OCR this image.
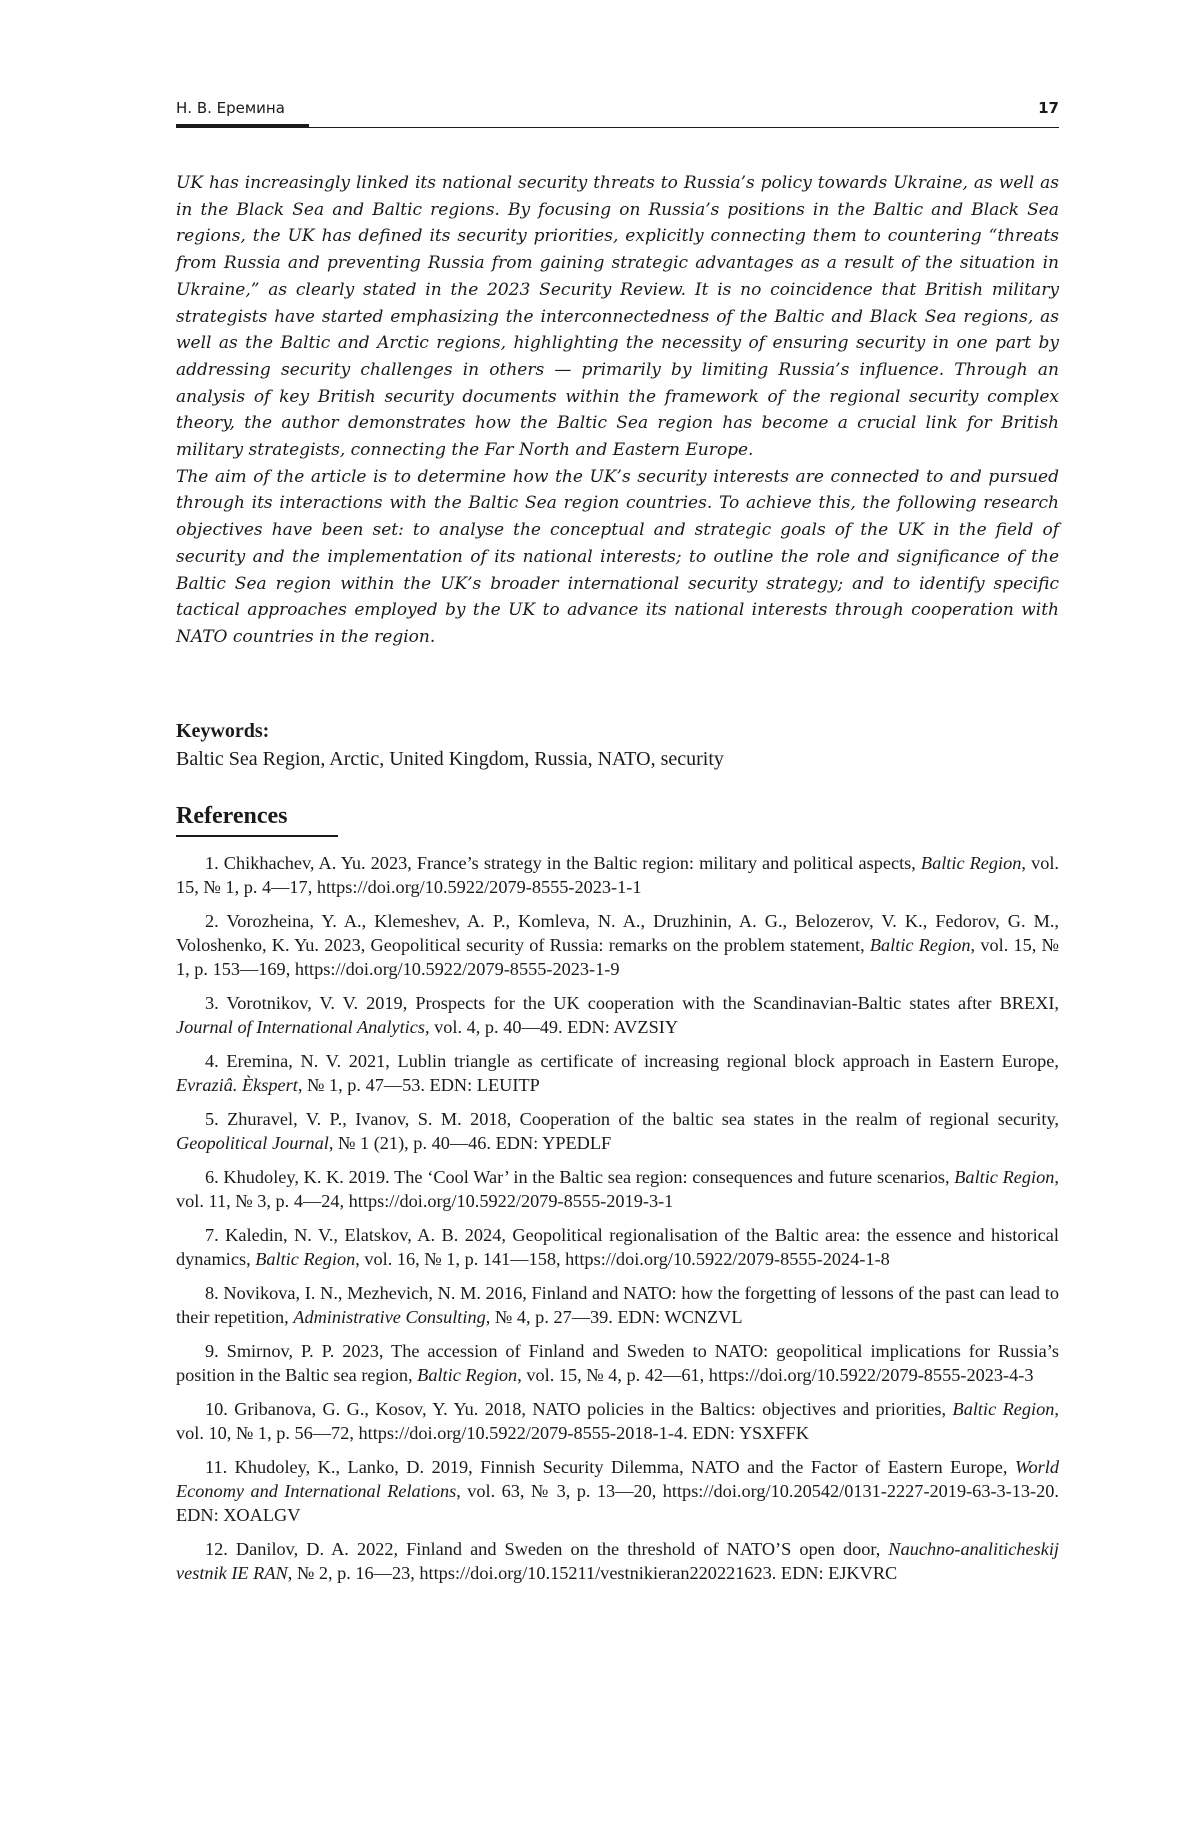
Н. В. Еремина	17

UK has increasingly linked its national security threats to Russia’s policy towards Ukraine, as well as in the Black Sea and Baltic regions. By focusing on Russia’s positions in the Baltic and Black Sea regions, the UK has defined its security priorities, explicitly connecting them to countering “threats from Russia and preventing Russia from gaining strategic advantages as a result of the situation in Ukraine,” as clearly stated in the 2023 Security Review. It is no coincidence that British military strategists have started emphasizing the interconnectedness of the Baltic and Black Sea regions, as well as the Baltic and Arctic regions, highlighting the necessity of ensuring security in one part by addressing security challenges in others — primarily by limiting Russia’s influence. Through an analysis of key British security documents within the framework of the regional security complex theory, the author demonstrates how the Baltic Sea region has become a crucial link for British military strategists, connecting the Far North and Eastern Europe.

The aim of the article is to determine how the UK’s security interests are connected to and pursued through its interactions with the Baltic Sea region countries. To achieve this, the following research objectives have been set: to analyse the conceptual and strategic goals of the UK in the field of security and the implementation of its national interests; to outline the role and significance of the Baltic Sea region within the UK’s broader international security strategy; and to identify specific tactical approaches employed by the UK to advance its national interests through cooperation with NATO countries in the region.

Keywords:
Baltic Sea Region, Arctic, United Kingdom, Russia, NATO, security
References

1. Chikhachev, A. Yu. 2023, France’s strategy in the Baltic region: military and political aspects, Baltic Region, vol. 15, № 1, p. 4—17, https://doi.org/10.5922/2079-8555-2023-1-1

2. Vorozheina, Y. A., Klemeshev, A. P., Komleva, N. A., Druzhinin, A. G., Belozerov, V. K., Fedorov, G. M., Voloshenko, K. Yu. 2023, Geopolitical security of Russia: remarks on the problem statement, Baltic Region, vol. 15, № 1, p. 153—169, https://doi.org/10.5922/2079-8555-2023-1-9

3. Vorotnikov, V. V. 2019, Prospects for the UK cooperation with the Scandinavian-Baltic states after BREXI, Journal of International Analytics, vol. 4, p. 40—49. EDN: AVZSIY

4. Eremina, N. V. 2021, Lublin triangle as certificate of increasing regional block approach in Eastern Europe, Evraziâ. Èkspert, № 1, p. 47—53. EDN: LEUITP

5. Zhuravel, V. P., Ivanov, S. M. 2018, Cooperation of the baltic sea states in the realm of regional security, Geopolitical Journal, № 1 (21), p. 40—46. EDN: YPEDLF

6. Khudoley, K. K. 2019. The ‘Cool War’ in the Baltic sea region: consequences and future scenarios, Baltic Region, vol. 11, № 3, p. 4—24, https://doi.org/10.5922/2079-8555-2019-3-1

7. Kaledin, N. V., Elatskov, A. B. 2024, Geopolitical regionalisation of the Baltic area: the essence and historical dynamics, Baltic Region, vol. 16, № 1, p. 141—158, https://doi.org/10.5922/2079-8555-2024-1-8

8. Novikova, I. N., Mezhevich, N. M. 2016, Finland and NATO: how the forgetting of lessons of the past can lead to their repetition, Administrative Consulting, № 4, p. 27—39. EDN: WCNZVL

9. Smirnov, P. P. 2023, The accession of Finland and Sweden to NATO: geopolitical implications for Russia’s position in the Baltic sea region, Baltic Region, vol. 15, № 4, p. 42—61, https://doi.org/10.5922/2079-8555-2023-4-3

10. Gribanova, G. G., Kosov, Y. Yu. 2018, NATO policies in the Baltics: objectives and priorities, Baltic Region, vol. 10, № 1, p. 56—72, https://doi.org/10.5922/2079-8555-2018-1-4. EDN: YSXFFK

11. Khudoley, K., Lanko, D. 2019, Finnish Security Dilemma, NATO and the Factor of Eastern Europe, World Economy and International Relations, vol. 63, № 3, p. 13—20, https://doi.org/10.20542/0131-2227-2019-63-3-13-20. EDN: XOALGV

12. Danilov, D. A. 2022, Finland and Sweden on the threshold of NATO’S open door, Nauchno-analiticheskij vestnik IE RAN, № 2, p. 16—23, https://doi.org/10.15211/vestnikieran220221623. EDN: EJKVRC
